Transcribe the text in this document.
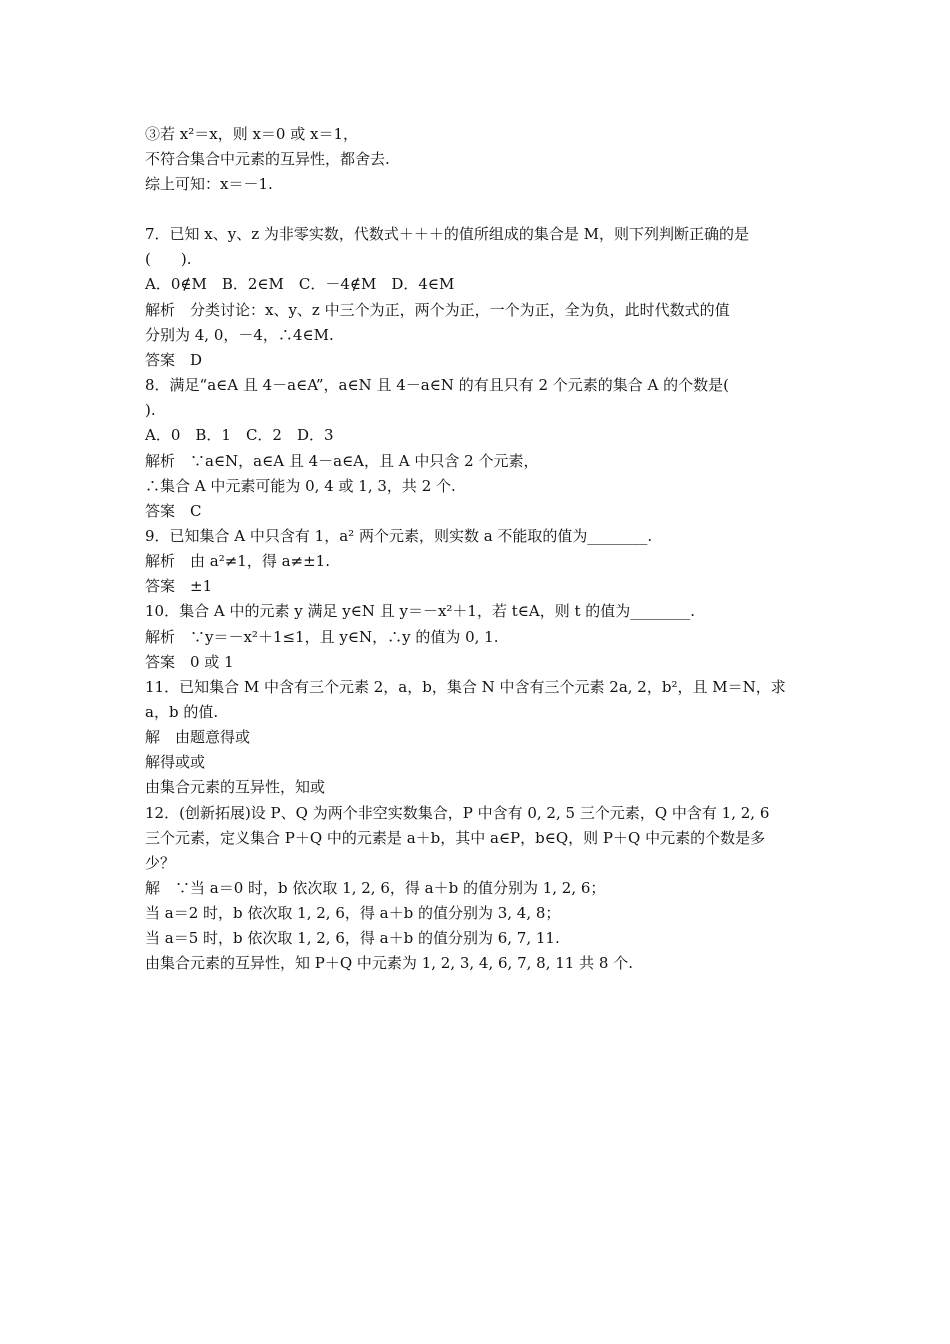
③若 x²＝x，则 x＝0 或 x＝1，
不符合集合中元素的互异性，都舍去.
综上可知：x＝－1.
7．已知 x、y、z 为非零实数，代数式＋＋＋的值所组成的集合是 M，则下列判断正确的是
(　　).
A．0∉M　B．2∈M　C．－4∉M　D．4∈M
解析　分类讨论：x、y、z 中三个为正，两个为正，一个为正，全为负，此时代数式的值
分别为 4, 0，－4，∴4∈M.
答案　D
8．满足“a∈A 且 4－a∈A”，a∈N 且 4－a∈N 的有且只有 2 个元素的集合 A 的个数是(
).
A．0　B．1　C．2　D．3
解析　∵a∈N，a∈A 且 4－a∈A，且 A 中只含 2 个元素，
∴集合 A 中元素可能为 0, 4 或 1, 3，共 2 个.
答案　C
9．已知集合 A 中只含有 1，a² 两个元素，则实数 a 不能取的值为________.
解析　由 a²≠1，得 a≠±1.
答案　±1
10．集合 A 中的元素 y 满足 y∈N 且 y＝－x²＋1，若 t∈A，则 t 的值为________.
解析　∵y＝－x²＋1≤1，且 y∈N，∴y 的值为 0, 1.
答案　0 或 1
11．已知集合 M 中含有三个元素 2，a，b，集合 N 中含有三个元素 2a, 2，b²，且 M＝N，求
a，b 的值.
解　由题意得或
解得或或
由集合元素的互异性，知或
12．(创新拓展)设 P、Q 为两个非空实数集合，P 中含有 0, 2, 5 三个元素，Q 中含有 1, 2, 6
三个元素，定义集合 P＋Q 中的元素是 a＋b，其中 a∈P，b∈Q，则 P＋Q 中元素的个数是多
少？
解　∵当 a＝0 时，b 依次取 1, 2, 6，得 a＋b 的值分别为 1, 2, 6；
当 a＝2 时，b 依次取 1, 2, 6，得 a＋b 的值分别为 3, 4, 8；
当 a＝5 时，b 依次取 1, 2, 6，得 a＋b 的值分别为 6, 7, 11.
由集合元素的互异性，知 P＋Q 中元素为 1, 2, 3, 4, 6, 7, 8, 11 共 8 个.
